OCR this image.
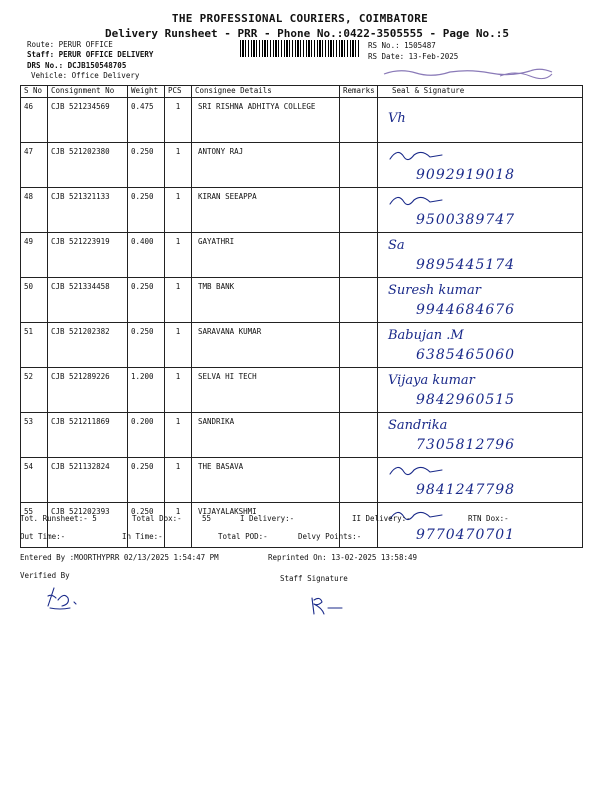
THE PROFESSIONAL COURIERS, COIMBATORE
Delivery Runsheet - PRR - Phone No.:0422-3505555 - Page No.:5
Route: PERUR OFFICE
Staff: PERUR OFFICE DELIVERY
DRS No.: DCJB150548705
Vehicle: Office Delivery
RS No.: 1505487
RS Date: 13-Feb-2025
S No	Consignment No	Weight	PCS	Consignee Details	Remarks	Seal & Signature
46	CJB 521234569	0.475	1	SRI RISHNA ADHITYA COLLEGE		Vh

47	CJB 521202380	0.250	1	ANTONY RAJ		9092919018

48	CJB 521321133	0.250	1	KIRAN SEEAPPA		9500389747

49	CJB 521223919	0.400	1	GAYATHRI		Sa
9895445174

50	CJB 521334458	0.250	1	TMB BANK		Suresh kumar
9944684676

51	CJB 521202382	0.250	1	SARAVANA KUMAR		Babujan .M
6385465060

52	CJB 521289226	1.200	1	SELVA HI TECH		Vijaya kumar
9842960515

53	CJB 521211869	0.200	1	SANDRIKA		Sandrika
7305812796

54	CJB 521132824	0.250	1	THE BASAVA		9841247798

55	CJB 521202393	0.250	1	VIJAYALAKSHMI		9770470701
Tot. Runsheet:- 5	Total Dox:-	55	I Delivery:-	II Delivery:-	RTN Dox:-
Out Time:-	In Time:-	Total POD:-	Delvy Points:-
Entered By :MOORTHYPRR 02/13/2025 1:54:47 PM	Reprinted On: 13-02-2025 13:58:49
Verified By	Staff Signature
